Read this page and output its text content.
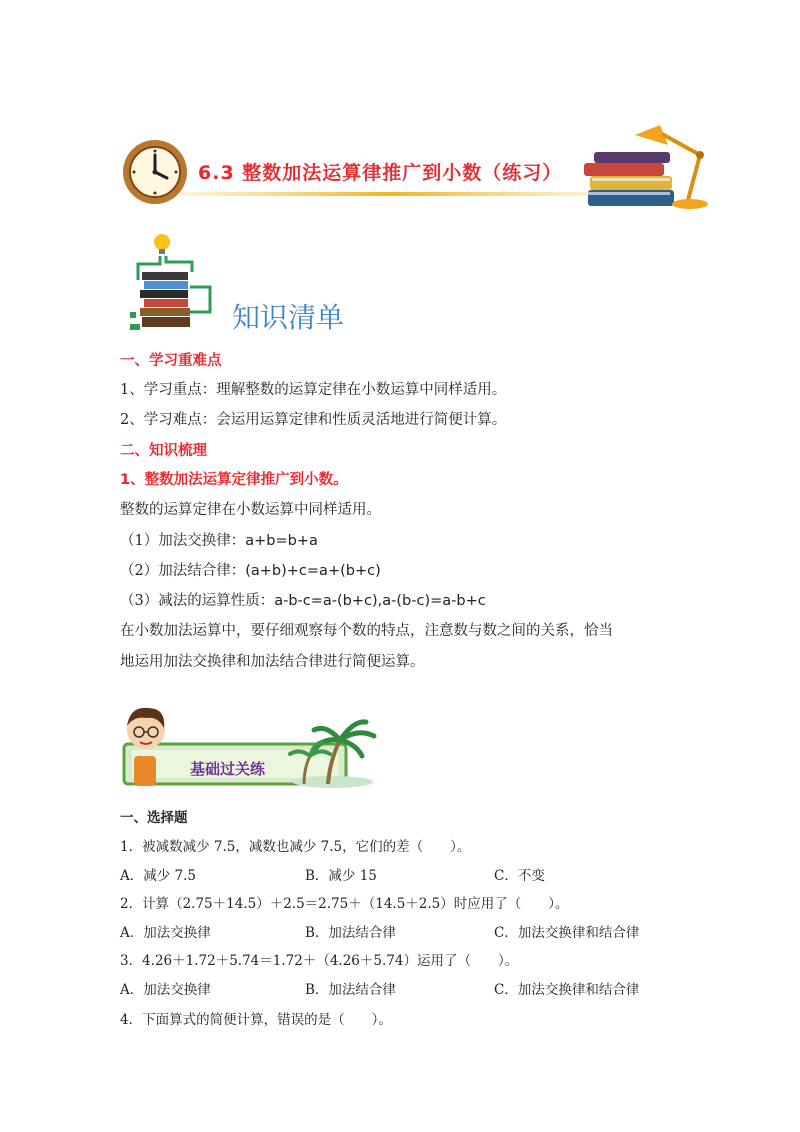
6.3 整数加法运算律推广到小数（练习）
知识清单
一、学习重难点
1、学习重点：理解整数的运算定律在小数运算中同样适用。
2、学习难点：会运用运算定律和性质灵活地进行简便计算。
二、知识梳理
1、整数加法运算定律推广到小数。
整数的运算定律在小数运算中同样适用。
（1）加法交换律：a+b=b+a
（2）加法结合律：(a+b)+c=a+(b+c)
（3）减法的运算性质：a-b-c=a-(b+c),a-(b-c)=a-b+c
在小数加法运算中，要仔细观察每个数的特点，注意数与数之间的关系，恰当
地运用加法交换律和加法结合律进行简便运算。
基础过关练
一、选择题
1．被减数减少 7.5，减数也减少 7.5，它们的差（　　）。
A．减少 7.5	B．减少 15	C．不变
2．计算（2.75＋14.5）＋2.5＝2.75＋（14.5＋2.5）时应用了（　　）。
A．加法交换律	B．加法结合律	C．加法交换律和结合律
3．4.26＋1.72＋5.74＝1.72＋（4.26＋5.74）运用了（　　）。
A．加法交换律	B．加法结合律	C．加法交换律和结合律
4．下面算式的简便计算，错误的是（　　）。
